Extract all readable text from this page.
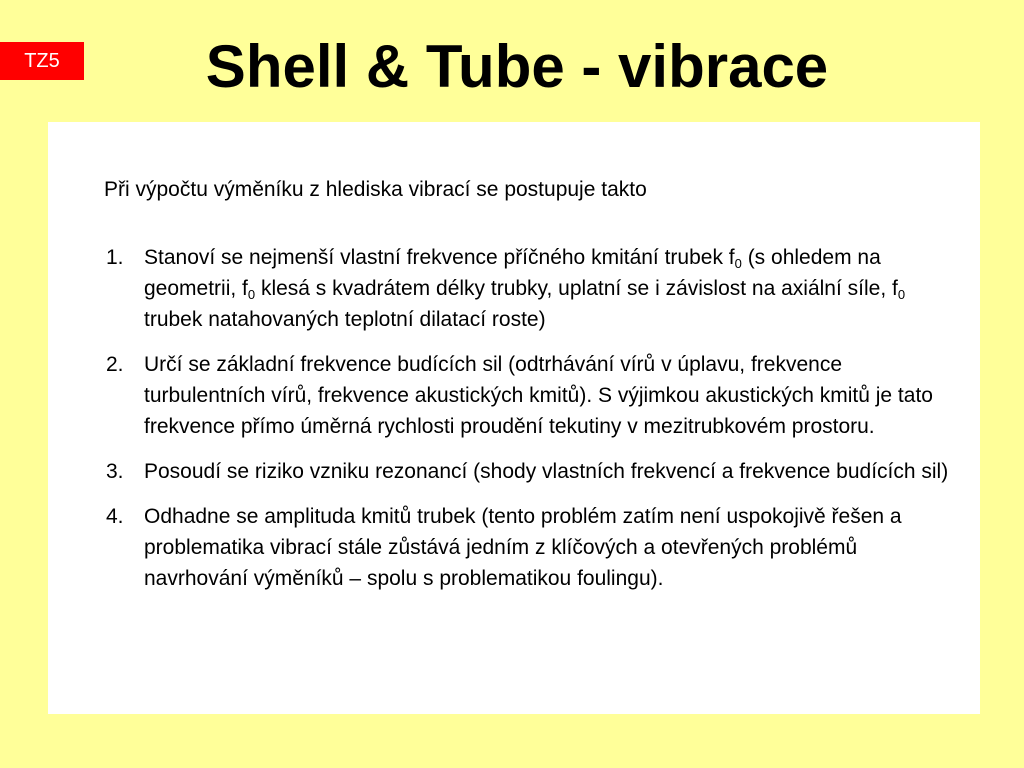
TZ5	Shell & Tube - vibrace

Při výpočtu výměníku z hlediska vibrací se postupuje takto

1. Stanoví se nejmenší vlastní frekvence příčného kmitání trubek $f_0$ (s ohledem na geometrii, $f_0$ klesá s kvadrátem délky trubky, uplatní se i závislost na axiální síle, $f_0$ trubek natahovaných teplotní dilatací roste)
2. Určí se základní frekvence budících sil (odtrhávání vírů v úplavu, frekvence turbulentních vírů, frekvence akustických kmitů). S výjimkou akustických kmitů je tato frekvence přímo úměrná rychlosti proudění tekutiny v mezitrubkovém prostoru.
3. Posoudí se riziko vzniku rezonancí (shody vlastních frekvencí a frekvence budících sil)
4. Odhadne se amplituda kmitů trubek (tento problém zatím není uspokojivě řešen a problematika vibrací stále zůstává jedním z klíčových a otevřených problémů navrhování výměníků – spolu s problematikou foulingu).
